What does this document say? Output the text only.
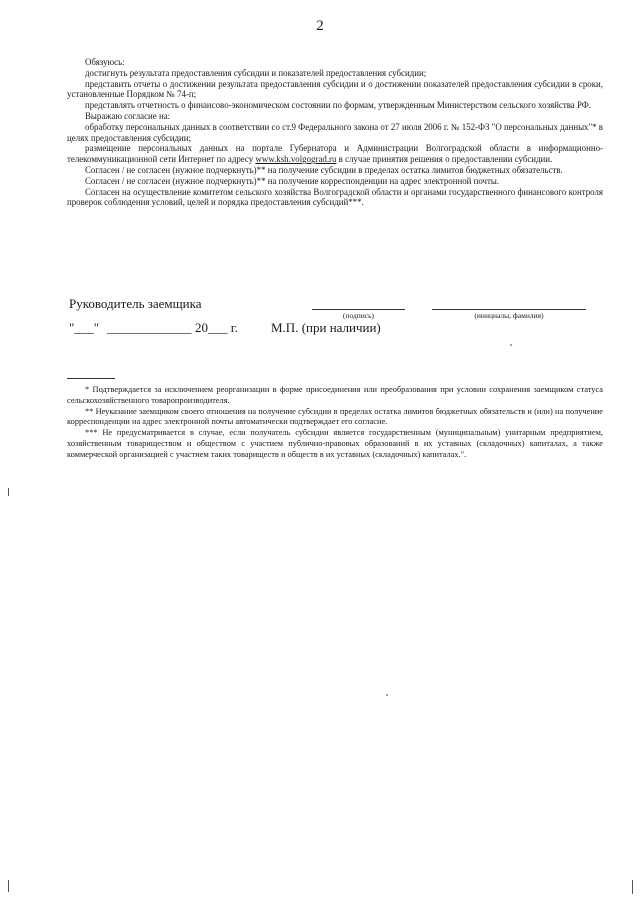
2

Обязуюсь:

достигнуть результата предоставления субсидии и показателей предоставления субсидии;

представить отчеты о достижении результата предоставления субсидии и о достижении показателей предоставления субсидии в сроки, установленные Порядком № 74-п;

представлять отчетность о финансово-экономическом состоянии по формам, утвержденным Министерством сельского хозяйства РФ.

Выражаю согласие на:

обработку персональных данных в соответствии со ст.9 Федерального закона от 27 июля 2006 г. № 152-ФЗ "О персональных данных"* в целях предоставления субсидии;

размещение персональных данных на портале Губернатора и Администрации Волгоградской области в информационно-телекоммуникационной сети Интернет по адресу www.ksh.volgograd.ru в случае принятия решения о предоставлении субсидии.

Согласен / не согласен (нужное подчеркнуть)** на получение субсидии в пределах остатка лимитов бюджетных обязательств.

Согласен / не согласен (нужное подчеркнуть)** на получение корреспонденции на адрес электронной почты.

Согласен на осуществление комитетом сельского хозяйства Волгоградской области и органами государственного финансового контроля проверок соблюдения условий, целей и порядка предоставления субсидий***.

Руководитель заемщика
(подпись)	(инициалы, фамилия)
"___" _____________ 20___ г.	М.П. (при наличии)

* Подтверждается за исключением реорганизации в форме присоединения или преобразования при условии сохранения заемщиком статуса сельскохозяйственного товаропроизводителя.

** Неуказание заемщиком своего отношения на получение субсидии в пределах остатка лимитов бюджетных обязательств и (или) на получение корреспонденции на адрес электронной почты автоматически подтверждает его согласие.

*** Не предусматривается в случае, если получатель субсидии является государственным (муниципальным) унитарным предприятием, хозяйственным товариществом и обществом с участием публично-правовых образований в их уставных (складочных) капиталах, а также коммерческой организацией с участием таких товариществ и обществ в их уставных (складочных) капиталах.".
